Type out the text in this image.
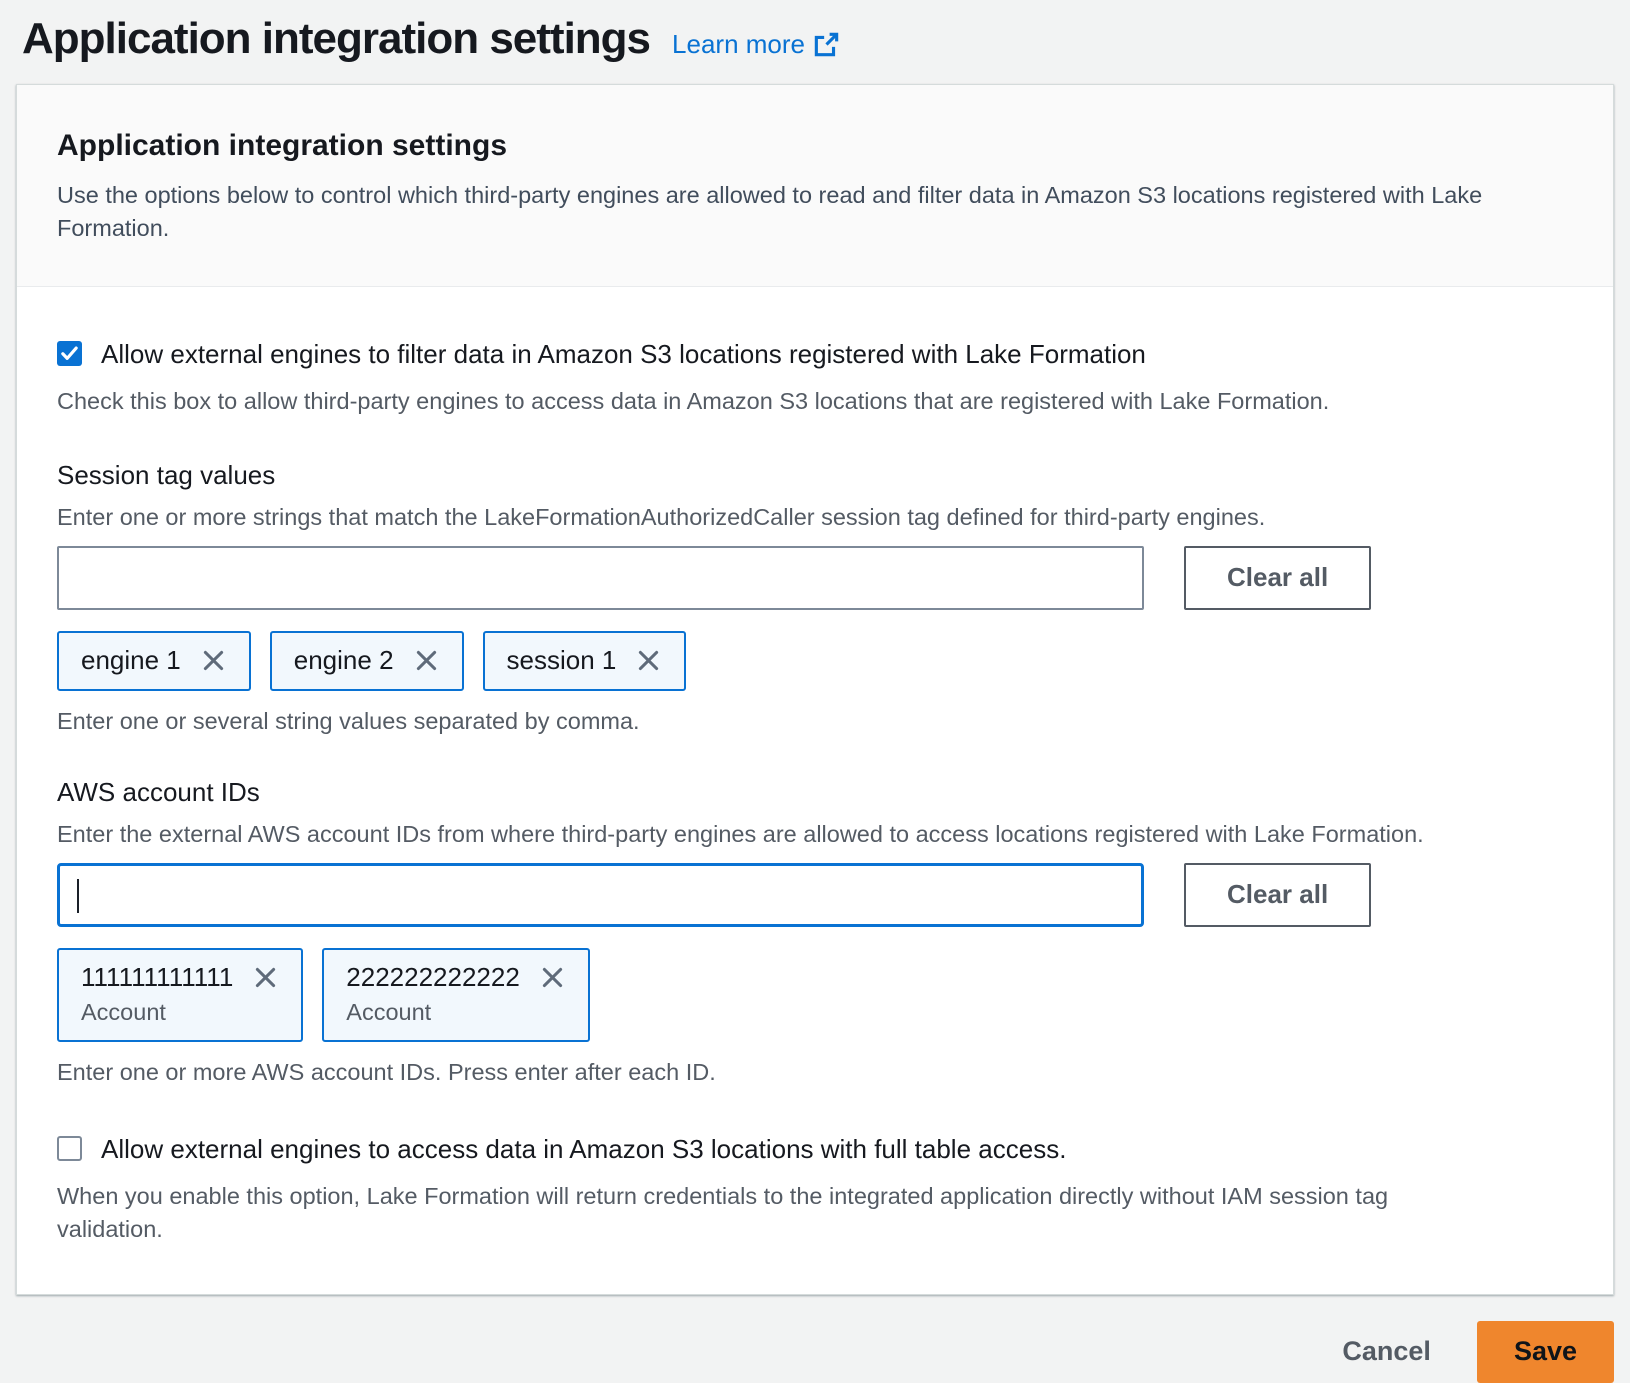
Application integration settings Learn more
Application integration settings

Use the options below to control which third-party engines are allowed to read and filter data in Amazon S3 locations registered with Lake Formation.

Allow external engines to filter data in Amazon S3 locations registered with Lake Formation

Check this box to allow third-party engines to access data in Amazon S3 locations that are registered with Lake Formation.

Session tag values

Enter one or more strings that match the LakeFormationAuthorizedCaller session tag defined for third-party engines.

Clear all
engine 1	engine 2	session 1

Enter one or several string values separated by comma.

AWS account IDs

Enter the external AWS account IDs from where third-party engines are allowed to access locations registered with Lake Formation.

Clear all
111111111111
Account
222222222222
Account

Enter one or more AWS account IDs. Press enter after each ID.

Allow external engines to access data in Amazon S3 locations with full table access.

When you enable this option, Lake Formation will return credentials to the integrated application directly without IAM session tag validation.

Cancel	Save
